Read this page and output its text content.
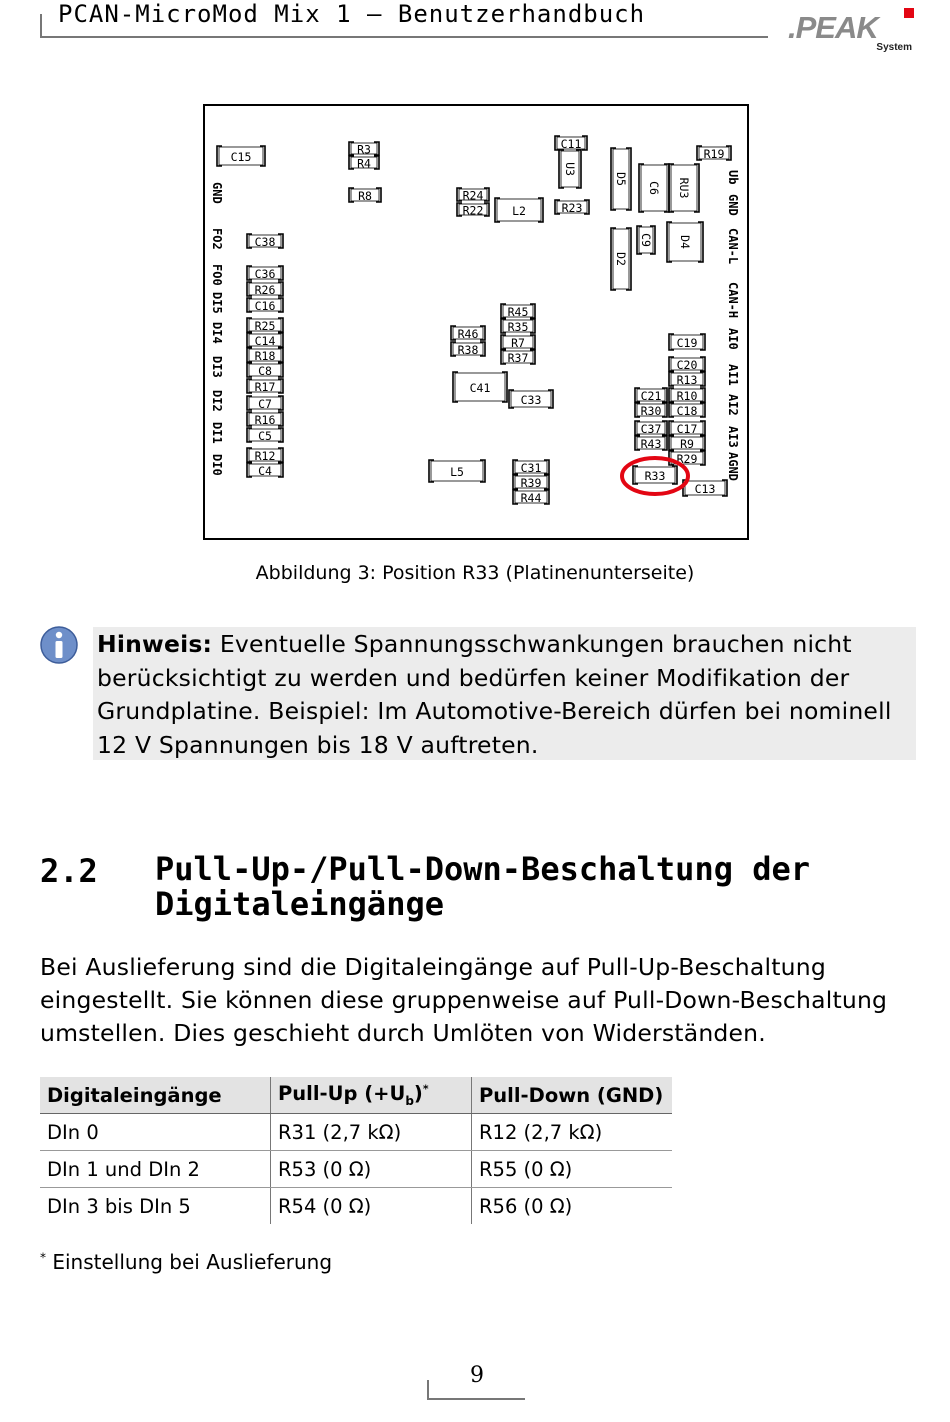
PCAN-MicroMod Mix 1 – Benutzerhandbuch	.PEAK
System
C15
R3
R4
R8
C11
U3
R24
R22 L2	R23
R19
D5
C6 RU3
C9 D4
D2
C38
C36
R26
C16
R25
C14
R18
C8
R17
C7
R16
C5
R12
C4
R45
R35
R7
R37
R46
R38
C41
C33
C19
C20
R13
C21 R10
R30 C18
C37 C17
R43 R9
R29
R33
C13
L5	C31
R39
R44
GND
FO2
FO0
DI5
DI4
DI3
DI2
DI1
DI0
Ub
GND
CAN-L
CAN-H
AI0
AI1
AI2
AI3
AGND
Abbildung 3: Position R33 (Platinenunterseite)
Hinweis: Eventuelle Spannungsschwankungen brauchen nicht berücksichtigt zu werden und bedürfen keiner Modifikation der Grundplatine. Beispiel: Im Automotive-Bereich dürfen bei nominell 12 V Spannungen bis 18 V auftreten.
2.2 Pull-Up-/Pull-Down-Beschaltung der Digitaleingänge
Bei Auslieferung sind die Digitaleingänge auf Pull-Up-Beschaltung eingestellt. Sie können diese gruppenweise auf Pull-Down-Beschaltung umstellen. Dies geschieht durch Umlöten von Widerständen.
Digitaleingänge	Pull-Up $(+U_b)^*$	Pull-Down (GND)
DIn 0	R31 (2,7 kΩ)	R12 (2,7 kΩ)
DIn 1 und DIn 2	R53 (0 Ω)	R55 (0 Ω)
DIn 3 bis DIn 5	R54 (0 Ω)	R56 (0 Ω)
* Einstellung bei Auslieferung
9
